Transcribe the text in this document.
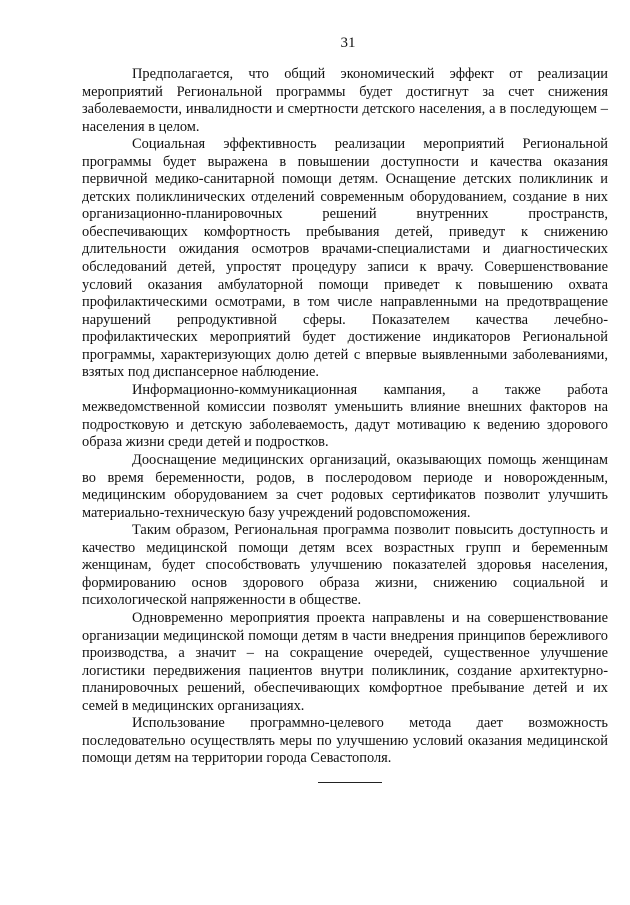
31

Предполагается, что общий экономический эффект от реализации мероприятий Региональной программы будет достигнут за счет снижения заболеваемости, инвалидности и смертности детского населения, а в последующем – населения в целом.

Социальная эффективность реализации мероприятий Региональной программы будет выражена в повышении доступности и качества оказания первичной медико-санитарной помощи детям. Оснащение детских поликлиник и детских поликлинических отделений современным оборудованием, создание в них организационно-планировочных решений внутренних пространств, обеспечивающих комфортность пребывания детей, приведут к снижению длительности ожидания осмотров врачами-специалистами и диагностических обследований детей, упростят процедуру записи к врачу. Совершенствование условий оказания амбулаторной помощи приведет к повышению охвата профилактическими осмотрами, в том числе направленными на предотвращение нарушений репродуктивной сферы. Показателем качества лечебно-профилактических мероприятий будет достижение индикаторов Региональной программы, характеризующих долю детей с впервые выявленными заболеваниями, взятых под диспансерное наблюдение.

Информационно-коммуникационная кампания, а также работа межведомственной комиссии позволят уменьшить влияние внешних факторов на подростковую и детскую заболеваемость, дадут мотивацию к ведению здорового образа жизни среди детей и подростков.

Дооснащение медицинских организаций, оказывающих помощь женщинам во время беременности, родов, в послеродовом периоде и новорожденным, медицинским оборудованием за счет родовых сертификатов позволит улучшить материально-техническую базу учреждений родовспоможения.

Таким образом, Региональная программа позволит повысить доступность и качество медицинской помощи детям всех возрастных групп и беременным женщинам, будет способствовать улучшению показателей здоровья населения, формированию основ здорового образа жизни, снижению социальной и психологической напряженности в обществе.

Одновременно мероприятия проекта направлены и на совершенствование организации медицинской помощи детям в части внедрения принципов бережливого производства, а значит – на сокращение очередей, существенное улучшение логистики передвижения пациентов внутри поликлиник, создание архитектурно-планировочных решений, обеспечивающих комфортное пребывание детей и их семей в медицинских организациях.

Использование программно-целевого метода дает возможность последовательно осуществлять меры по улучшению условий оказания медицинской помощи детям на территории города Севастополя.
